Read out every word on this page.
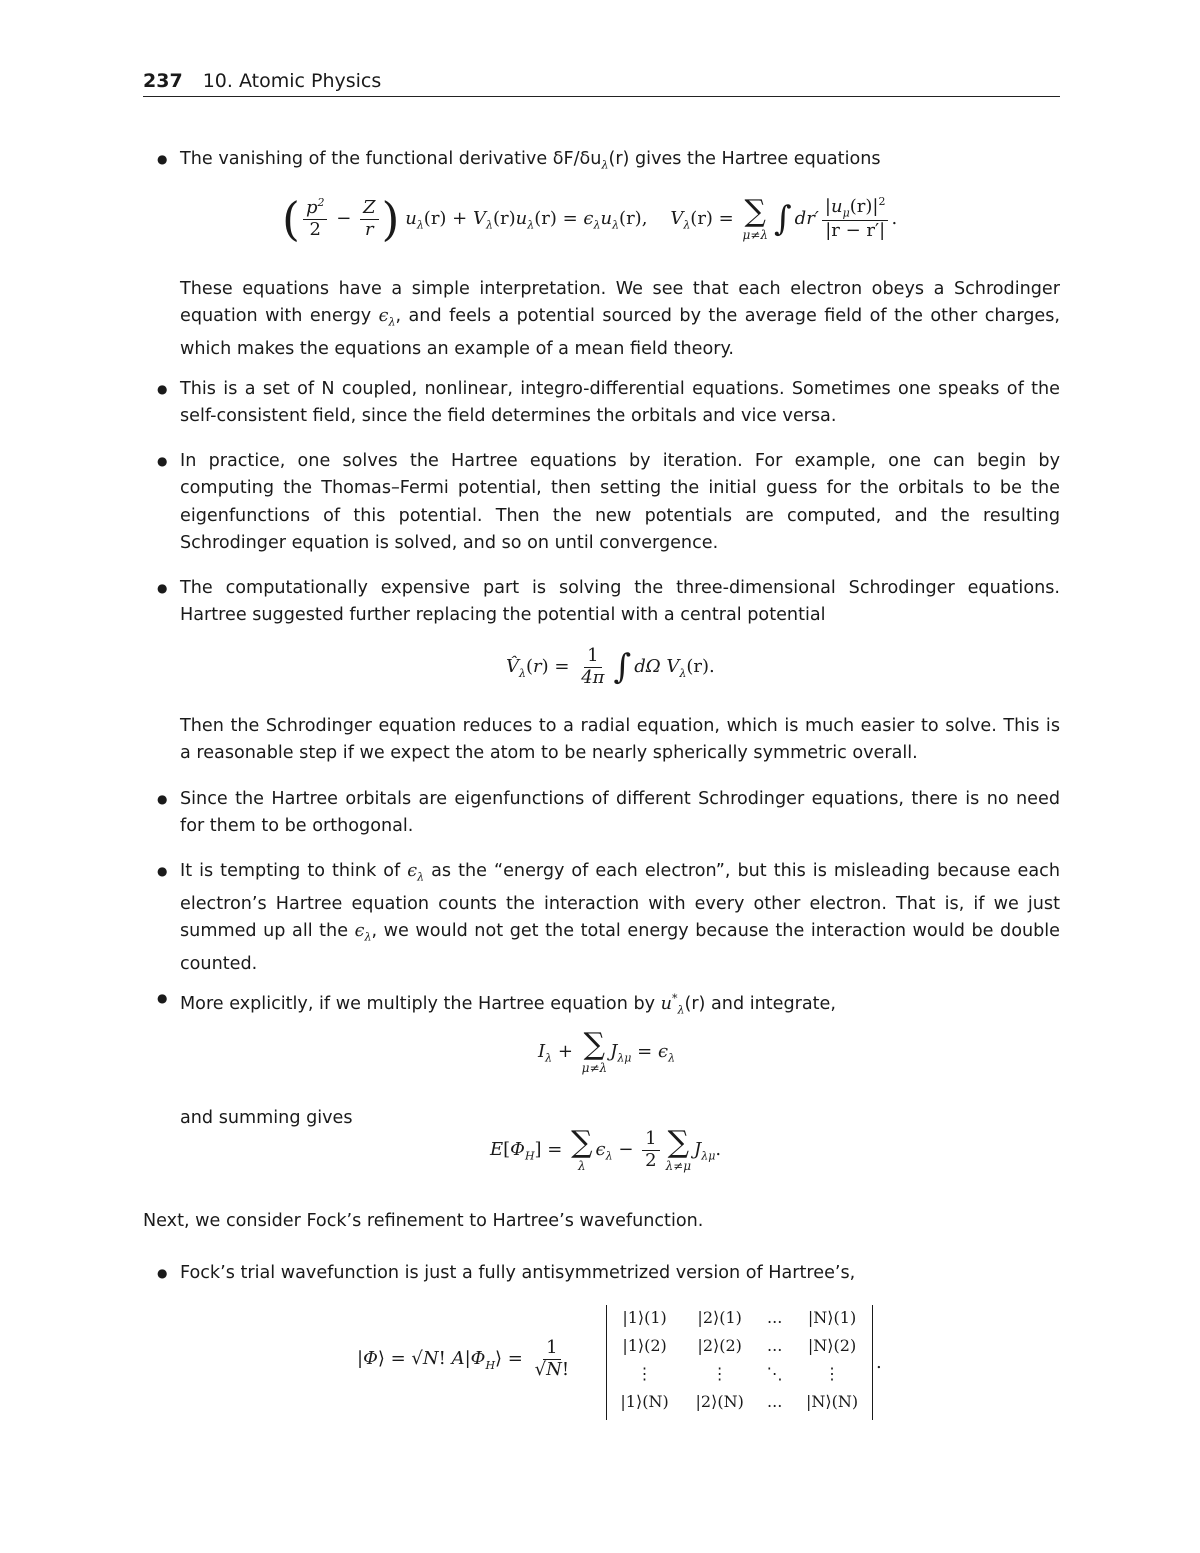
237 10. Atomic Physics
● The vanishing of the functional derivative $\delta F/\delta u_\lambda(r)$ gives the Hartree equations
( $\frac{p^2}{2} - \frac{Z}{r}$ ) $u_\lambda(r) + V_\lambda(r)u_\lambda(r) = \epsilon_\lambda u_\lambda(r)$,    $V_\lambda(r)$ = ∑
μ≠λ ∫ $dr' \frac{|u_\mu(r)|^2}{|r - r'|}$ .
These equations have a simple interpretation. We see that each electron obeys a Schrodinger equation with energy $\epsilon_\lambda$, and feels a potential sourced by the average field of the other charges, which makes the equations an example of a mean field theory.
● This is a set of N coupled, nonlinear, integro-differential equations. Sometimes one speaks of the self-consistent field, since the field determines the orbitals and vice versa.
● In practice, one solves the Hartree equations by iteration. For example, one can begin by computing the Thomas–Fermi potential, then setting the initial guess for the orbitals to be the eigenfunctions of this potential. Then the new potentials are computed, and the resulting Schrodinger equation is solved, and so on until convergence.
● The computationally expensive part is solving the three-dimensional Schrodinger equations. Hartree suggested further replacing the potential with a central potential
$V̂_\lambda(r) = \frac{1}{4\pi}$ ∫ dΩ $V_\lambda(r)$.
Then the Schrodinger equation reduces to a radial equation, which is much easier to solve. This is a reasonable step if we expect the atom to be nearly spherically symmetric overall.
● Since the Hartree orbitals are eigenfunctions of different Schrodinger equations, there is no need for them to be orthogonal.
● It is tempting to think of $\epsilon_\lambda$ as the “energy of each electron”, but this is misleading because each electron’s Hartree equation counts the interaction with every other electron. That is, if we just summed up all the $\epsilon_\lambda$, we would not get the total energy because the interaction would be double counted.
● More explicitly, if we multiply the Hartree equation by $u^*_\lambda(r)$ and integrate,
$I_\lambda$ + ∑
μ≠λ
$J_{\lambda\mu} = \epsilon_\lambda$
and summing gives
$E[\Phi_H]$ = ∑
λ
$\epsilon_\lambda - \frac{1}{2}$ ∑
λ≠μ
$J_{\lambda\mu}$.
Next, we consider Fock’s refinement to Hartree’s wavefunction.
● Fock’s trial wavefunction is just a fully antisymmetrized version of Hartree’s,
|Φ⟩ = √N! $A|\Phi_H⟩ = \frac{1}{√N!}$
|1⟩(1)	|2⟩(1)	...	|N⟩(1)
|1⟩(2)	|2⟩(2)	...	|N⟩(2)
⋮	⋮	⋱	⋮
|1⟩(N)	|2⟩(N)	...	|N⟩(N)
.
